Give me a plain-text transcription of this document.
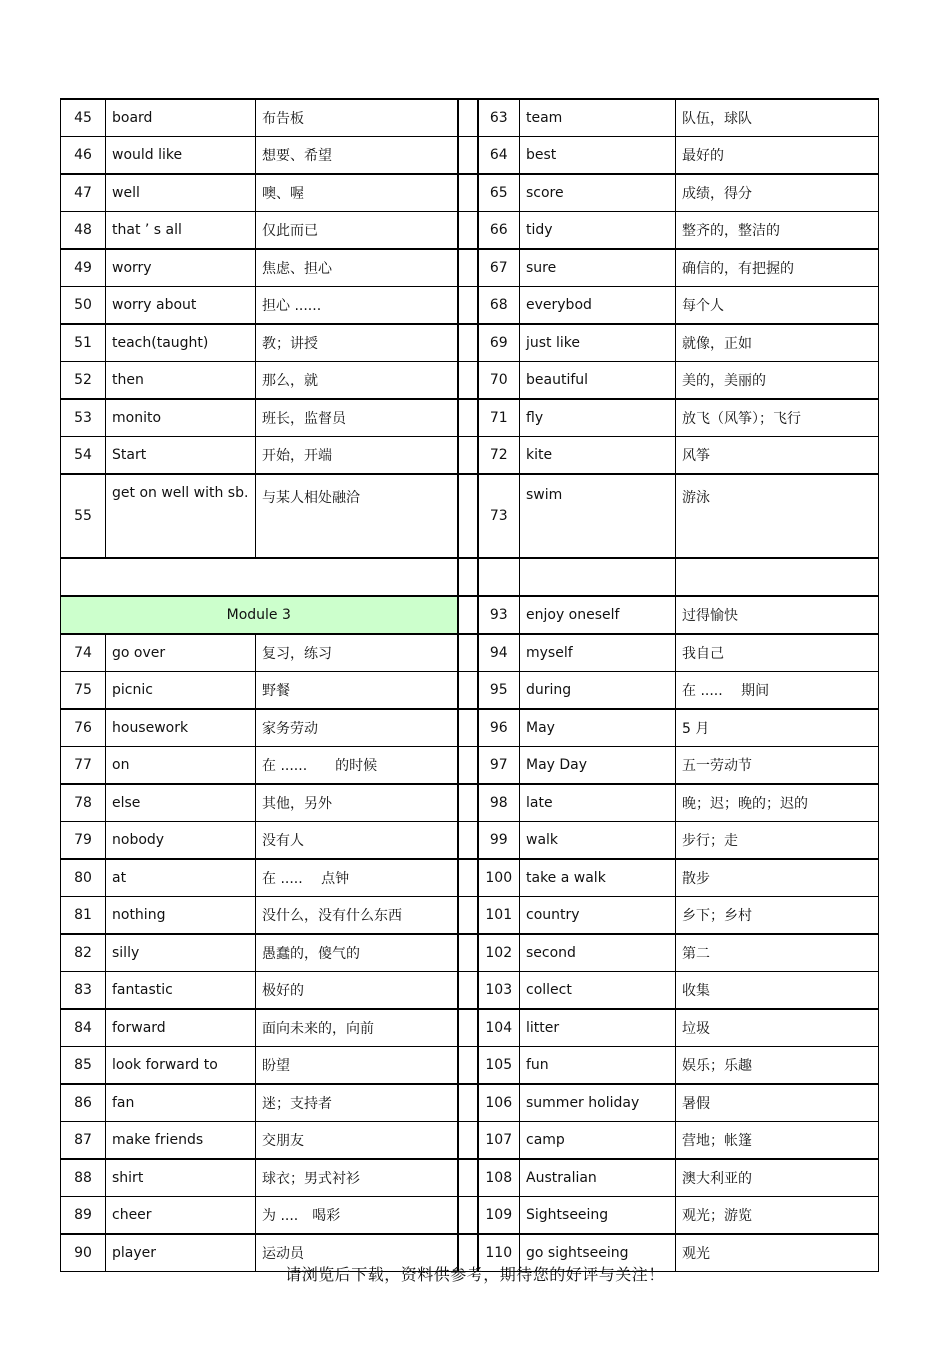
45	board	布告板		63	team	队伍，球队
46	would like	想要、希望		64	best	最好的
47	well	噢、喔		65	score	成绩，得分
48	that ’ s all	仅此而已		66	tidy	整齐的，整洁的
49	worry	焦虑、担心		67	sure	确信的，有把握的
50	worry about	担心 ......		68	everybod	每个人
51	teach(taught)	教；讲授		69	just like	就像，正如
52	then	那么，就		70	beautiful	美的，美丽的
53	monito	班长，监督员		71	fly	放飞（风筝）；飞行
54	Start	开始，开端		72	kite	风筝
55	get on well with sb.	与某人相处融洽		73	swim	游泳

Module 3				93	enjoy oneself	过得愉快
74	go over	复习，练习		94	myself	我自己
75	picnic	野餐		95	during	在 .....　 期间
76	housework	家务劳动		96	May	5 月
77	on	在 ......　　的时候		97	May Day	五一劳动节
78	else	其他，另外		98	late	晚；迟；晚的；迟的
79	nobody	没有人		99	walk	步行；走
80	at	在 .....　 点钟		100	take a walk	散步
81	nothing	没什么，没有什么东西		101	country	乡下；乡村
82	silly	愚蠢的，傻气的		102	second	第二
83	fantastic	极好的		103	collect	收集
84	forward	面向未来的，向前		104	litter	垃圾
85	look forward to	盼望		105	fun	娱乐；乐趣
86	fan	迷；支持者		106	summer holiday	暑假
87	make friends	交朋友		107	camp	营地；帐篷
88	shirt	球衣；男式衬衫		108	Australian	澳大利亚的
89	cheer	为 ....　喝彩		109	Sightseeing	观光；游览
90	player	运动员		110	go sightseeing	观光
请浏览后下载，资料供参考，期待您的好评与关注！
